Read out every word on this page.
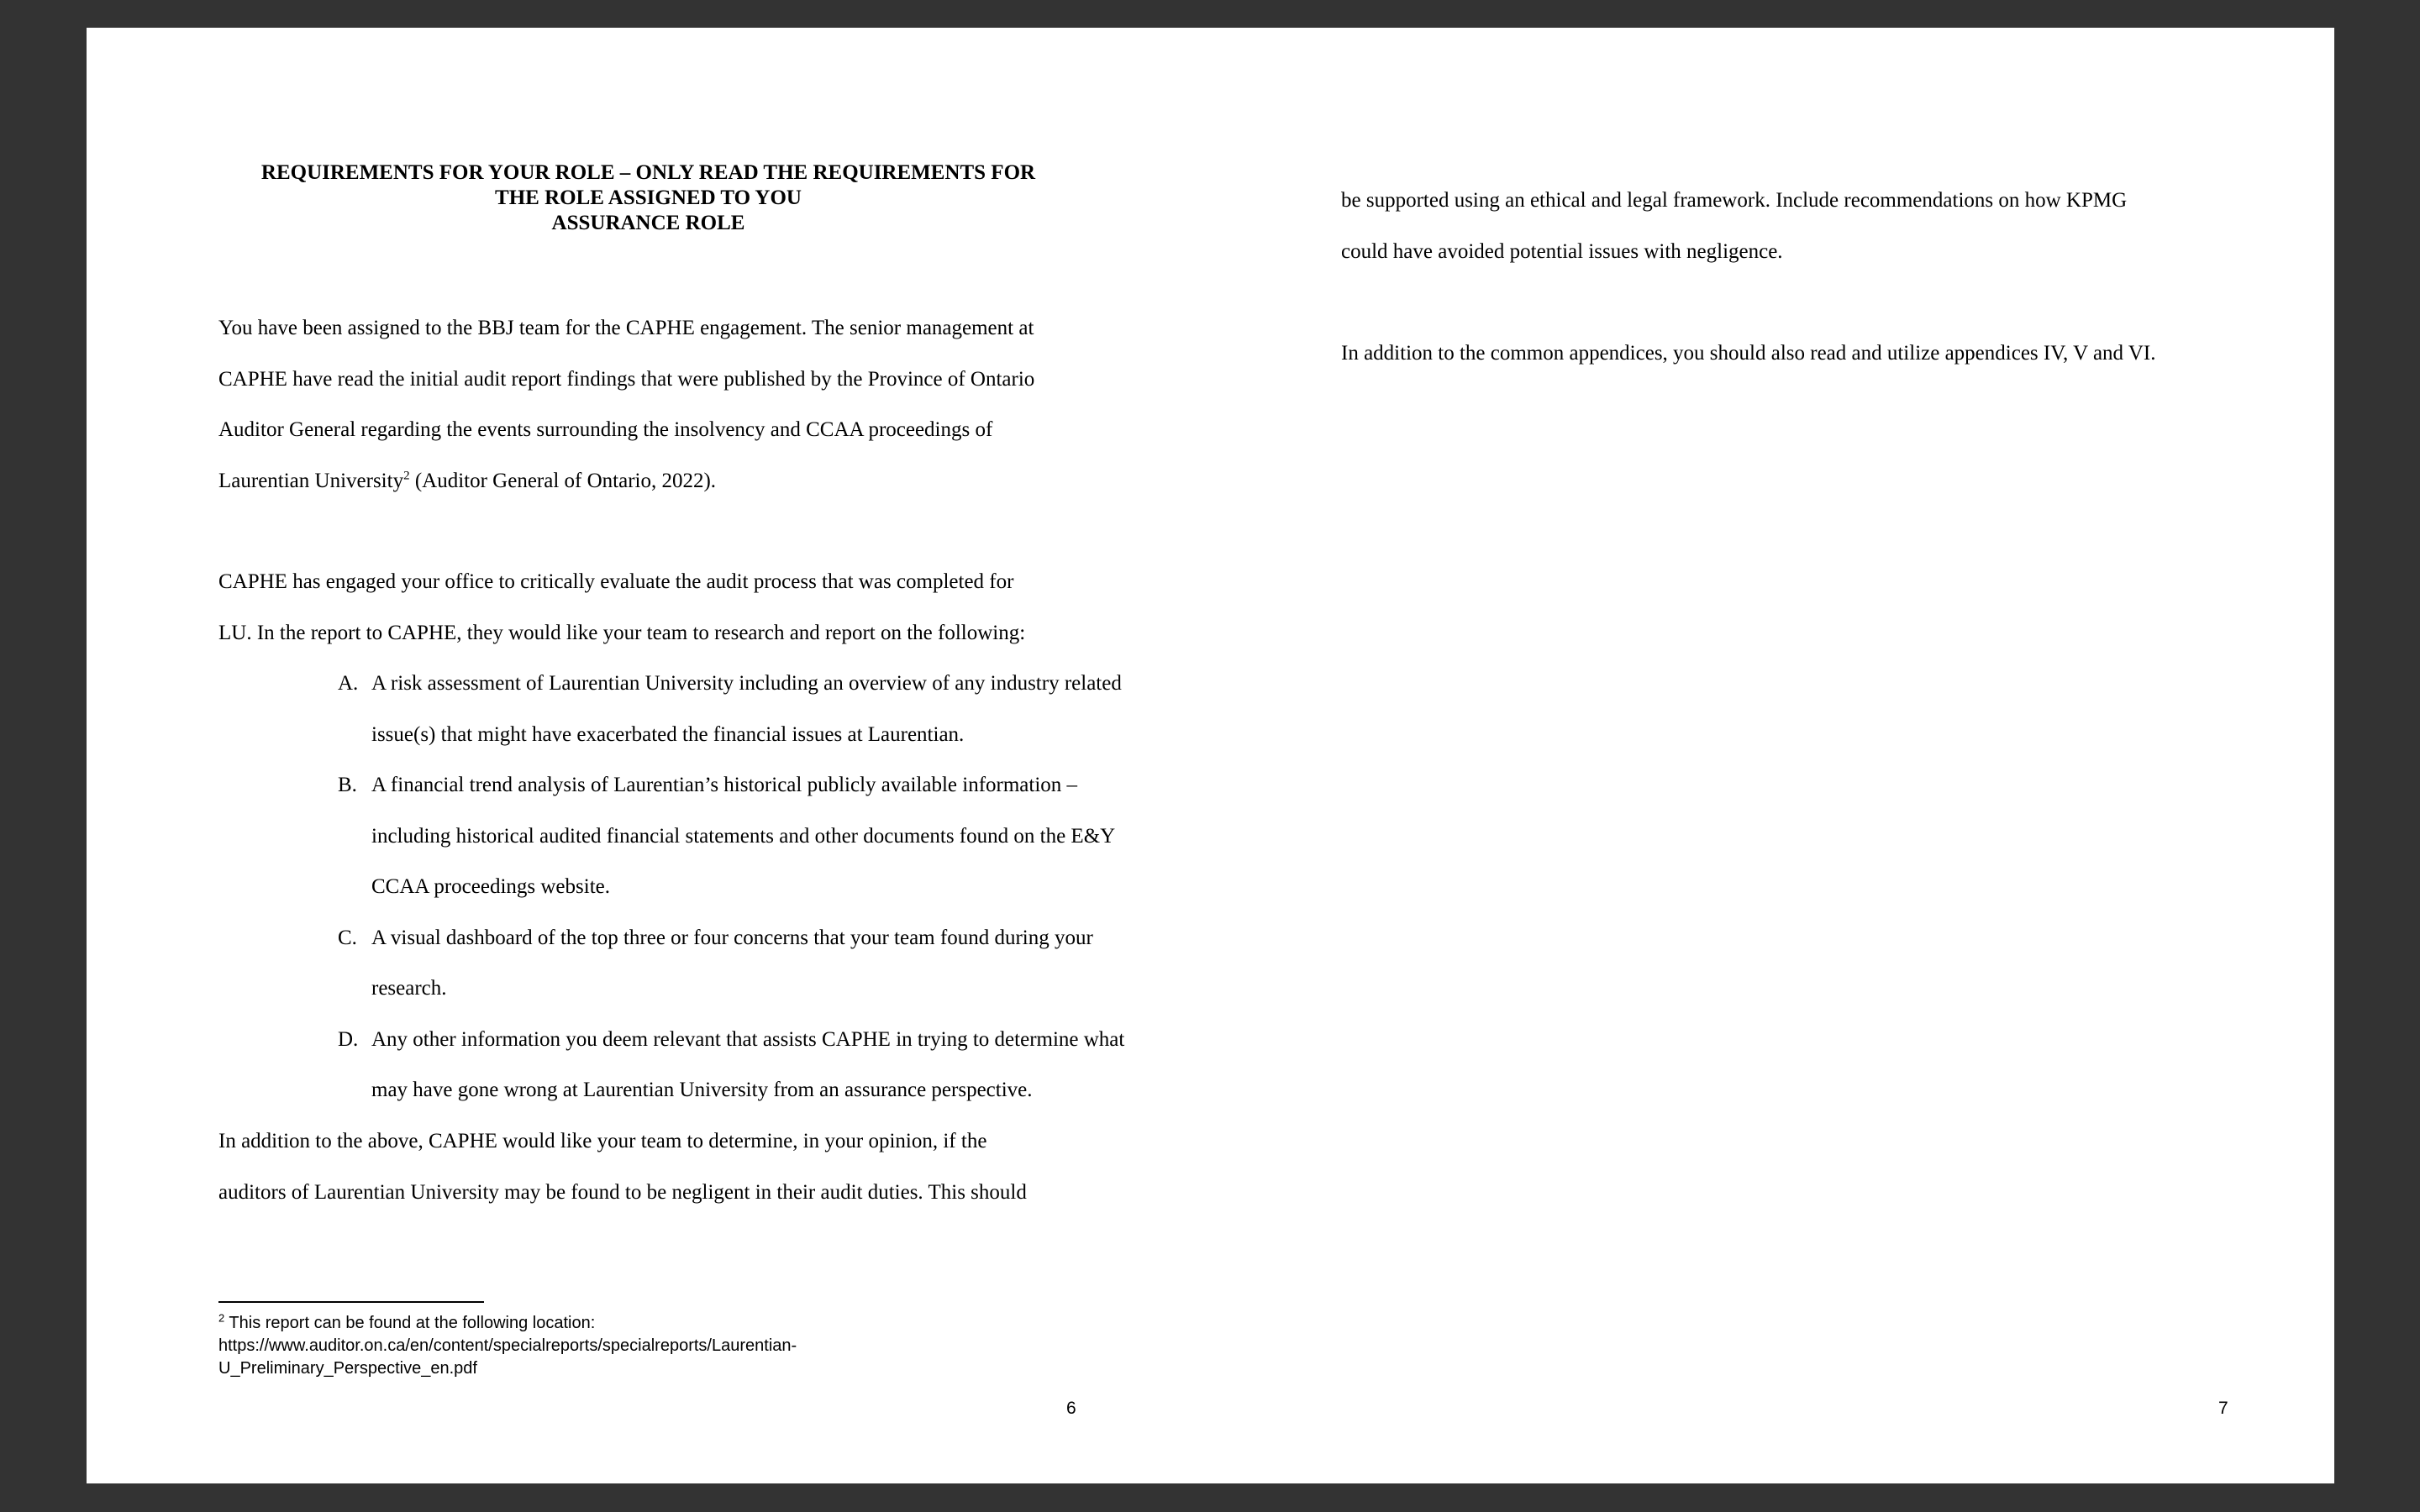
REQUIREMENTS FOR YOUR ROLE – ONLY READ THE REQUIREMENTS FOR
THE ROLE ASSIGNED TO YOU
ASSURANCE ROLE
You have been assigned to the BBJ team for the CAPHE engagement. The senior management at
CAPHE have read the initial audit report findings that were published by the Province of Ontario
Auditor General regarding the events surrounding the insolvency and CCAA proceedings of
Laurentian University$^2$ (Auditor General of Ontario, 2022).
CAPHE has engaged your office to critically evaluate the audit process that was completed for
LU. In the report to CAPHE, they would like your team to research and report on the following:
A. A risk assessment of Laurentian University including an overview of any industry related
issue(s) that might have exacerbated the financial issues at Laurentian.
B. A financial trend analysis of Laurentian’s historical publicly available information –
including historical audited financial statements and other documents found on the E&Y
CCAA proceedings website.
C. A visual dashboard of the top three or four concerns that your team found during your
research.
D. Any other information you deem relevant that assists CAPHE in trying to determine what
may have gone wrong at Laurentian University from an assurance perspective.
In addition to the above, CAPHE would like your team to determine, in your opinion, if the
auditors of Laurentian University may be found to be negligent in their audit duties. This should
$^2$ This report can be found at the following location:
https://www.auditor.on.ca/en/content/specialreports/specialreports/Laurentian-
U_Preliminary_Perspective_en.pdf
6
be supported using an ethical and legal framework. Include recommendations on how KPMG
could have avoided potential issues with negligence.
In addition to the common appendices, you should also read and utilize appendices IV, V and VI.
7
